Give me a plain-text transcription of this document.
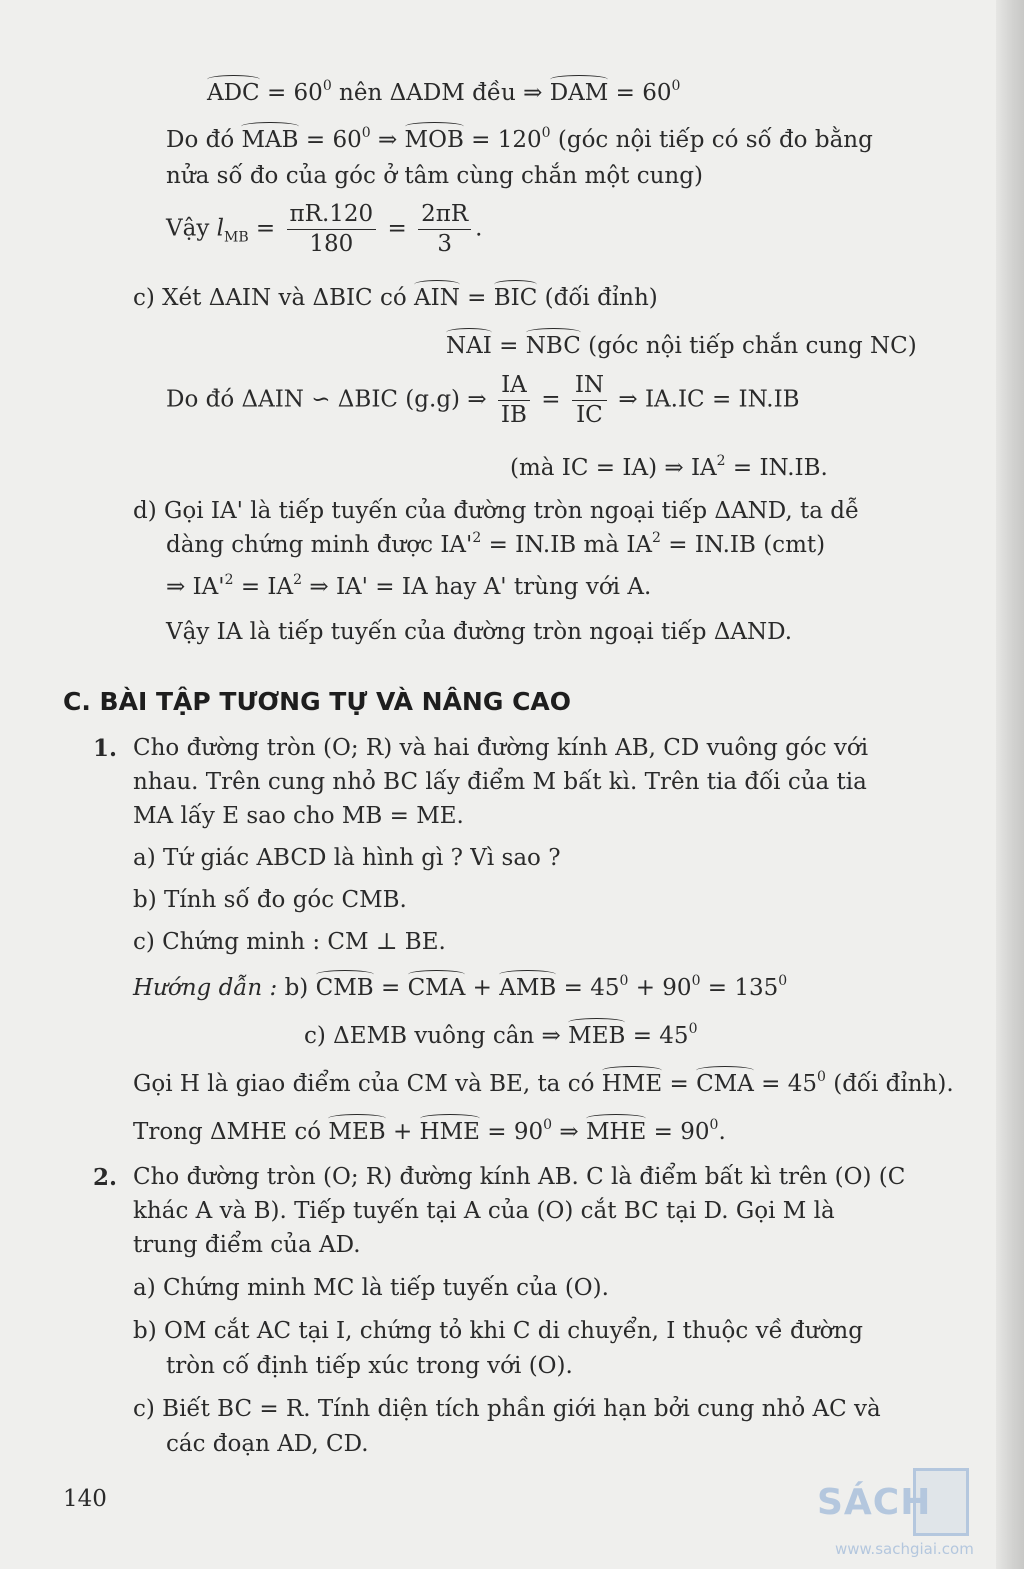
ADC = $60^0$ nên ΔADM đều ⇒ DAM = $60^0$
Do đó MAB = $60^0$ ⇒ MOB = $120^0$ (góc nội tiếp có số đo bằng
nửa số đo của góc ở tâm cùng chắn một cung)
Vậy $l_{MB} = \frac{\pi R.120}{180} = \frac{2\pi R}{3}$ .
c) Xét ΔAIN và ΔBIC có AIN = BIC (đối đỉnh)
NAI = NBC (góc nội tiếp chắn cung NC)
Do đó ΔAIN ∽ ΔBIC (g.g) ⇒ $\frac{IA}{IB} = \frac{IN}{IC}$ ⇒ IA.IC = IN.IB
(mà IC = IA) ⇒ $IA^2 = IN.IB$.
d) Gọi IA' là tiếp tuyến của đường tròn ngoại tiếp ΔAND, ta dễ
dàng chứng minh được $IA'^2 = IN.IB$ mà $IA^2 = IN.IB$ (cmt)
⇒ $IA'^2 = IA^2$ ⇒ IA' = IA hay A' trùng với A.
Vậy IA là tiếp tuyến của đường tròn ngoại tiếp ΔAND.
C. BÀI TẬP TƯƠNG TỰ VÀ NÂNG CAO
1. Cho đường tròn (O; R) và hai đường kính AB, CD vuông góc với
nhau. Trên cung nhỏ BC lấy điểm M bất kì. Trên tia đối của tia
MA lấy E sao cho MB = ME.
a) Tứ giác ABCD là hình gì ? Vì sao ?
b) Tính số đo góc CMB.
c) Chứng minh : CM ⊥ BE.
Hướng dẫn : b) CMB = CMA + AMB = $45^0 + 90^0 = 135^0$
c) ΔEMB vuông cân ⇒ MEB = $45^0$
Gọi H là giao điểm của CM và BE, ta có HME = CMA = $45^0$ (đối đỉnh).
Trong ΔMHE có MEB + HME = $90^0$ ⇒ MHE = $90^0$.
2. Cho đường tròn (O; R) đường kính AB. C là điểm bất kì trên (O) (C
khác A và B). Tiếp tuyến tại A của (O) cắt BC tại D. Gọi M là
trung điểm của AD.
a) Chứng minh MC là tiếp tuyến của (O).
b) OM cắt AC tại I, chứng tỏ khi C di chuyển, I thuộc về đường
tròn cố định tiếp xúc trong với (O).
c) Biết BC = R. Tính diện tích phần giới hạn bởi cung nhỏ AC và
các đoạn AD, CD.
140	SÁCH
www.sachgiai.com
